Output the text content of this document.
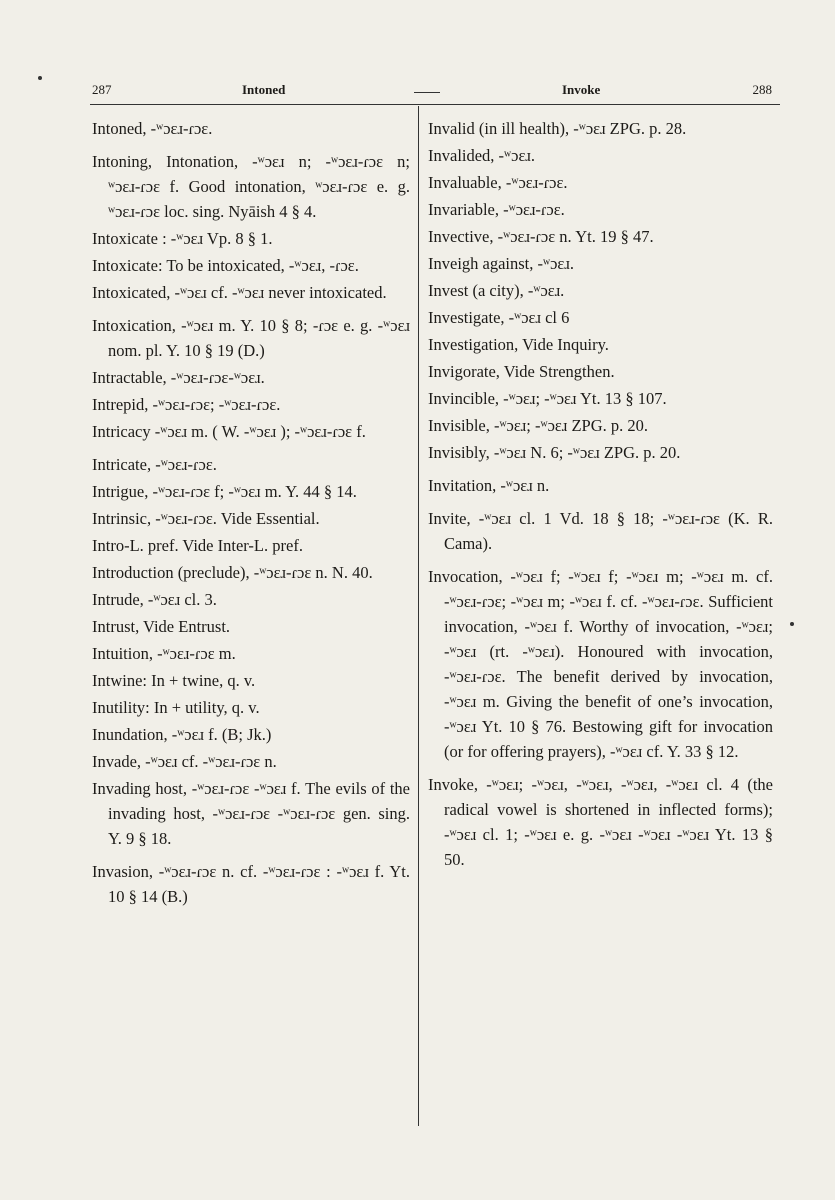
287	Intoned	Invoke	288
Intoned, ‑ʷɔɛɹ‑ɾɔɛ.
Intoning, Intonation, ‑ʷɔɛɹ n; ‑ʷɔɛɹ‑ɾɔɛ n; ʷɔɛɹ‑ɾɔɛ f. Good intonation, ʷɔɛɹ‑ɾɔɛ e. g. ʷɔɛɹ‑ɾɔɛ loc. sing. Nyāish 4 § 4.
Intoxicate : ‑ʷɔɛɹ Vp. 8 § 1.
Intoxicate: To be intoxicated, ‑ʷɔɛɹ, ‑ɾɔɛ.
Intoxicated, ‑ʷɔɛɹ cf. ‑ʷɔɛɹ never intoxicated.
Intoxication, ‑ʷɔɛɹ m. Y. 10 § 8; ‑ɾɔɛ e. g. ‑ʷɔɛɹ nom. pl. Y. 10 § 19 (D.)
Intractable, ‑ʷɔɛɹ‑ɾɔɛ‑ʷɔɛɹ.
Intrepid, ‑ʷɔɛɹ‑ɾɔɛ; ‑ʷɔɛɹ‑ɾɔɛ.
Intricacy ‑ʷɔɛɹ m. ( W. ‑ʷɔɛɹ ); ‑ʷɔɛɹ‑ɾɔɛ f.
Intricate, ‑ʷɔɛɹ‑ɾɔɛ.
Intrigue, ‑ʷɔɛɹ‑ɾɔɛ f; ‑ʷɔɛɹ m. Y. 44 § 14.
Intrinsic, ‑ʷɔɛɹ‑ɾɔɛ. Vide Essential.
Intro-L. pref. Vide Inter-L. pref.
Introduction (preclude), ‑ʷɔɛɹ‑ɾɔɛ n. N. 40.
Intrude, ‑ʷɔɛɹ cl. 3.
Intrust, Vide Entrust.
Intuition, ‑ʷɔɛɹ‑ɾɔɛ m.
Intwine: In + twine, q. v.
Inutility: In + utility, q. v.
Inundation, ‑ʷɔɛɹ f. (B; Jk.)
Invade, ‑ʷɔɛɹ cf. ‑ʷɔɛɹ‑ɾɔɛ n.
Invading host, ‑ʷɔɛɹ‑ɾɔɛ ‑ʷɔɛɹ f. The evils of the invading host, ‑ʷɔɛɹ‑ɾɔɛ ‑ʷɔɛɹ‑ɾɔɛ gen. sing. Y. 9 § 18.
Invasion, ‑ʷɔɛɹ‑ɾɔɛ n. cf. ‑ʷɔɛɹ‑ɾɔɛ : ‑ʷɔɛɹ f. Yt. 10 § 14 (B.)
Invalid (in ill health), ‑ʷɔɛɹ ZPG. p. 28.
Invalided, ‑ʷɔɛɹ.
Invaluable, ‑ʷɔɛɹ‑ɾɔɛ.
Invariable, ‑ʷɔɛɹ‑ɾɔɛ.
Invective, ‑ʷɔɛɹ‑ɾɔɛ n. Yt. 19 § 47.
Inveigh against, ‑ʷɔɛɹ.
Invest (a city), ‑ʷɔɛɹ.
Investigate, ‑ʷɔɛɹ cl 6
Investigation, Vide Inquiry.
Invigorate, Vide Strengthen.
Invincible, ‑ʷɔɛɹ; ‑ʷɔɛɹ Yt. 13 § 107.
Invisible, ‑ʷɔɛɹ; ‑ʷɔɛɹ ZPG. p. 20.
Invisibly, ‑ʷɔɛɹ N. 6; ‑ʷɔɛɹ ZPG. p. 20.
Invitation, ‑ʷɔɛɹ n.
Invite, ‑ʷɔɛɹ cl. 1 Vd. 18 § 18; ‑ʷɔɛɹ‑ɾɔɛ (K. R. Cama).
Invocation, ‑ʷɔɛɹ f; ‑ʷɔɛɹ f; ‑ʷɔɛɹ m; ‑ʷɔɛɹ m. cf. ‑ʷɔɛɹ‑ɾɔɛ; ‑ʷɔɛɹ m; ‑ʷɔɛɹ f. cf. ‑ʷɔɛɹ‑ɾɔɛ. Sufficient invocation, ‑ʷɔɛɹ f. Worthy of invocation, ‑ʷɔɛɹ; ‑ʷɔɛɹ (rt. ‑ʷɔɛɹ). Honoured with invocation, ‑ʷɔɛɹ‑ɾɔɛ. The benefit derived by invocation, ‑ʷɔɛɹ m. Giving the benefit of one’s invocation, ‑ʷɔɛɹ Yt. 10 § 76. Bestowing gift for invocation (or for offering prayers), ‑ʷɔɛɹ cf. Y. 33 § 12.
Invoke, ‑ʷɔɛɹ; ‑ʷɔɛɹ, ‑ʷɔɛɹ, ‑ʷɔɛɹ, ‑ʷɔɛɹ cl. 4 (the radical vowel is shortened in inflected forms); ‑ʷɔɛɹ cl. 1; ‑ʷɔɛɹ e. g. ‑ʷɔɛɹ ‑ʷɔɛɹ ‑ʷɔɛɹ Yt. 13 § 50.
